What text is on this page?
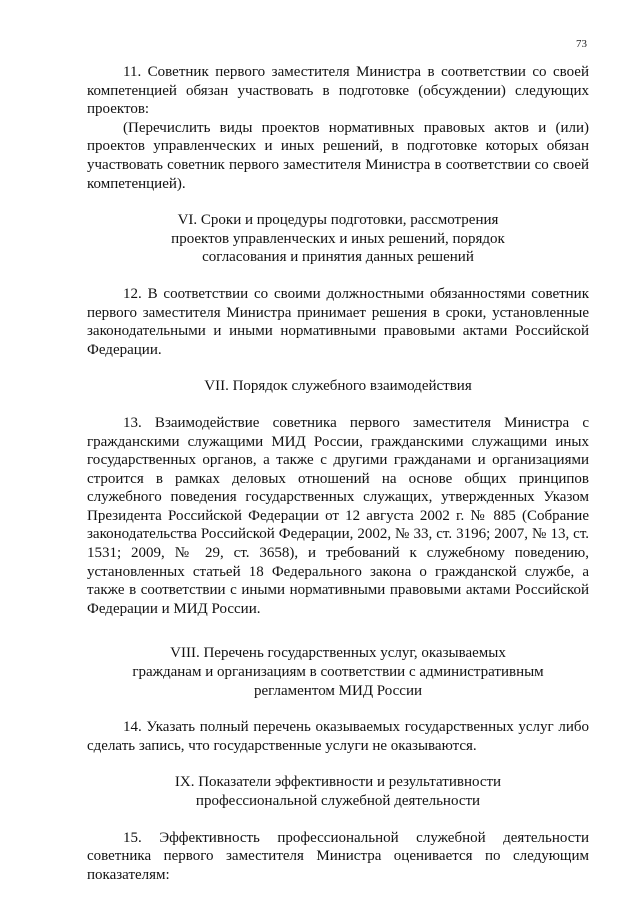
73

11. Советник первого заместителя Министра в соответствии со своей компетенцией обязан участвовать в подготовке (обсуждении) следующих проектов:

(Перечислить виды проектов нормативных правовых актов и (или) проектов управленческих и иных решений, в подготовке которых обязан участвовать советник первого заместителя Министра в соответствии со своей компетенцией).

VI. Сроки и процедуры подготовки, рассмотрения
проектов управленческих и иных решений, порядок
согласования и принятия данных решений

12. В соответствии со своими должностными обязанностями советник первого заместителя Министра принимает решения в сроки, установленные законодательными и иными нормативными правовыми актами Российской Федерации.

VII. Порядок служебного взаимодействия

13. Взаимодействие советника первого заместителя Министра с гражданскими служащими МИД России, гражданскими служащими иных государственных органов, а также с другими гражданами и организациями строится в рамках деловых отношений на основе общих принципов служебного поведения государственных служащих, утвержденных Указом Президента Российской Федерации от 12 августа 2002 г. № 885 (Собрание законодательства Российской Федерации, 2002, № 33, ст. 3196; 2007, № 13, ст. 1531; 2009, № 29, ст. 3658), и требований к служебному поведению, установленных статьей 18 Федерального закона о гражданской службе, а также в соответствии с иными нормативными правовыми актами Российской Федерации и МИД России.

VIII. Перечень государственных услуг, оказываемых
гражданам и организациям в соответствии с административным
регламентом МИД России

14. Указать полный перечень оказываемых государственных услуг либо сделать запись, что государственные услуги не оказываются.

IX. Показатели эффективности и результативности
профессиональной служебной деятельности

15. Эффективность профессиональной служебной деятельности советника первого заместителя Министра оценивается по следующим показателям:
